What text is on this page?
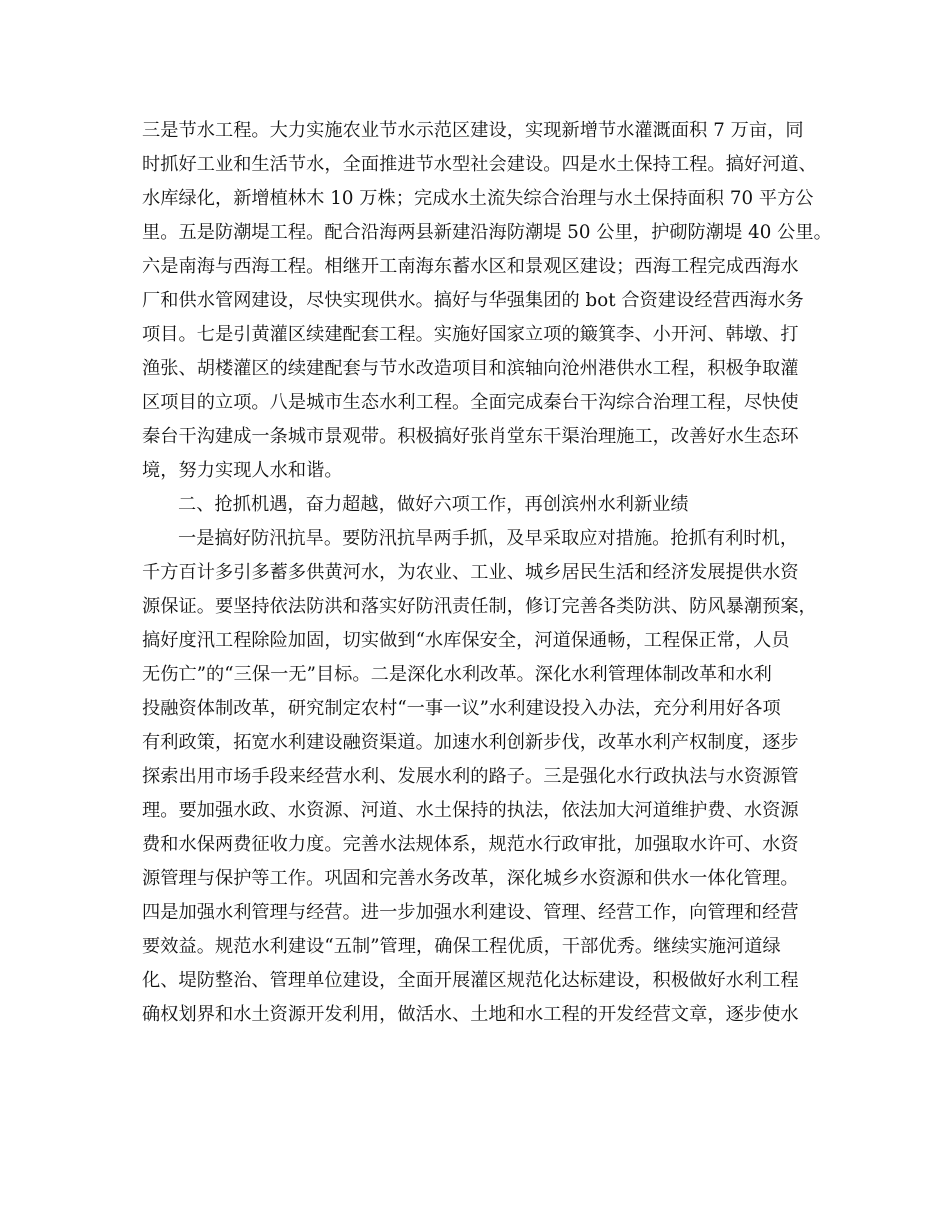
三是节水工程。大力实施农业节水示范区建设，实现新增节水灌溉面积 7 万亩，同
时抓好工业和生活节水，全面推进节水型社会建设。四是水土保持工程。搞好河道、
水库绿化，新增植林木 10 万株；完成水土流失综合治理与水土保持面积 70 平方公
里。五是防潮堤工程。配合沿海两县新建沿海防潮堤 50 公里，护砌防潮堤 40 公里。
六是南海与西海工程。相继开工南海东蓄水区和景观区建设；西海工程完成西海水
厂和供水管网建设，尽快实现供水。搞好与华强集团的 bot 合资建设经营西海水务
项目。七是引黄灌区续建配套工程。实施好国家立项的簸箕李、小开河、韩墩、打
渔张、胡楼灌区的续建配套与节水改造项目和滨轴向沧州港供水工程，积极争取灌
区项目的立项。八是城市生态水利工程。全面完成秦台干沟综合治理工程，尽快使
秦台干沟建成一条城市景观带。积极搞好张肖堂东干渠治理施工，改善好水生态环
境，努力实现人水和谐。
二、抢抓机遇，奋力超越，做好六项工作，再创滨州水利新业绩
一是搞好防汛抗旱。要防汛抗旱两手抓，及早采取应对措施。抢抓有利时机，
千方百计多引多蓄多供黄河水，为农业、工业、城乡居民生活和经济发展提供水资
源保证。要坚持依法防洪和落实好防汛责任制，修订完善各类防洪、防风暴潮预案，
搞好度汛工程除险加固，切实做到“水库保安全，河道保通畅，工程保正常，人员
无伤亡”的“三保一无”目标。二是深化水利改革。深化水利管理体制改革和水利
投融资体制改革，研究制定农村“一事一议”水利建设投入办法，充分利用好各项
有利政策，拓宽水利建设融资渠道。加速水利创新步伐，改革水利产权制度，逐步
探索出用市场手段来经营水利、发展水利的路子。三是强化水行政执法与水资源管
理。要加强水政、水资源、河道、水土保持的执法，依法加大河道维护费、水资源
费和水保两费征收力度。完善水法规体系，规范水行政审批，加强取水许可、水资
源管理与保护等工作。巩固和完善水务改革，深化城乡水资源和供水一体化管理。
四是加强水利管理与经营。进一步加强水利建设、管理、经营工作，向管理和经营
要效益。规范水利建设“五制”管理，确保工程优质，干部优秀。继续实施河道绿
化、堤防整治、管理单位建设，全面开展灌区规范化达标建设，积极做好水利工程
确权划界和水土资源开发利用，做活水、土地和水工程的开发经营文章，逐步使水
